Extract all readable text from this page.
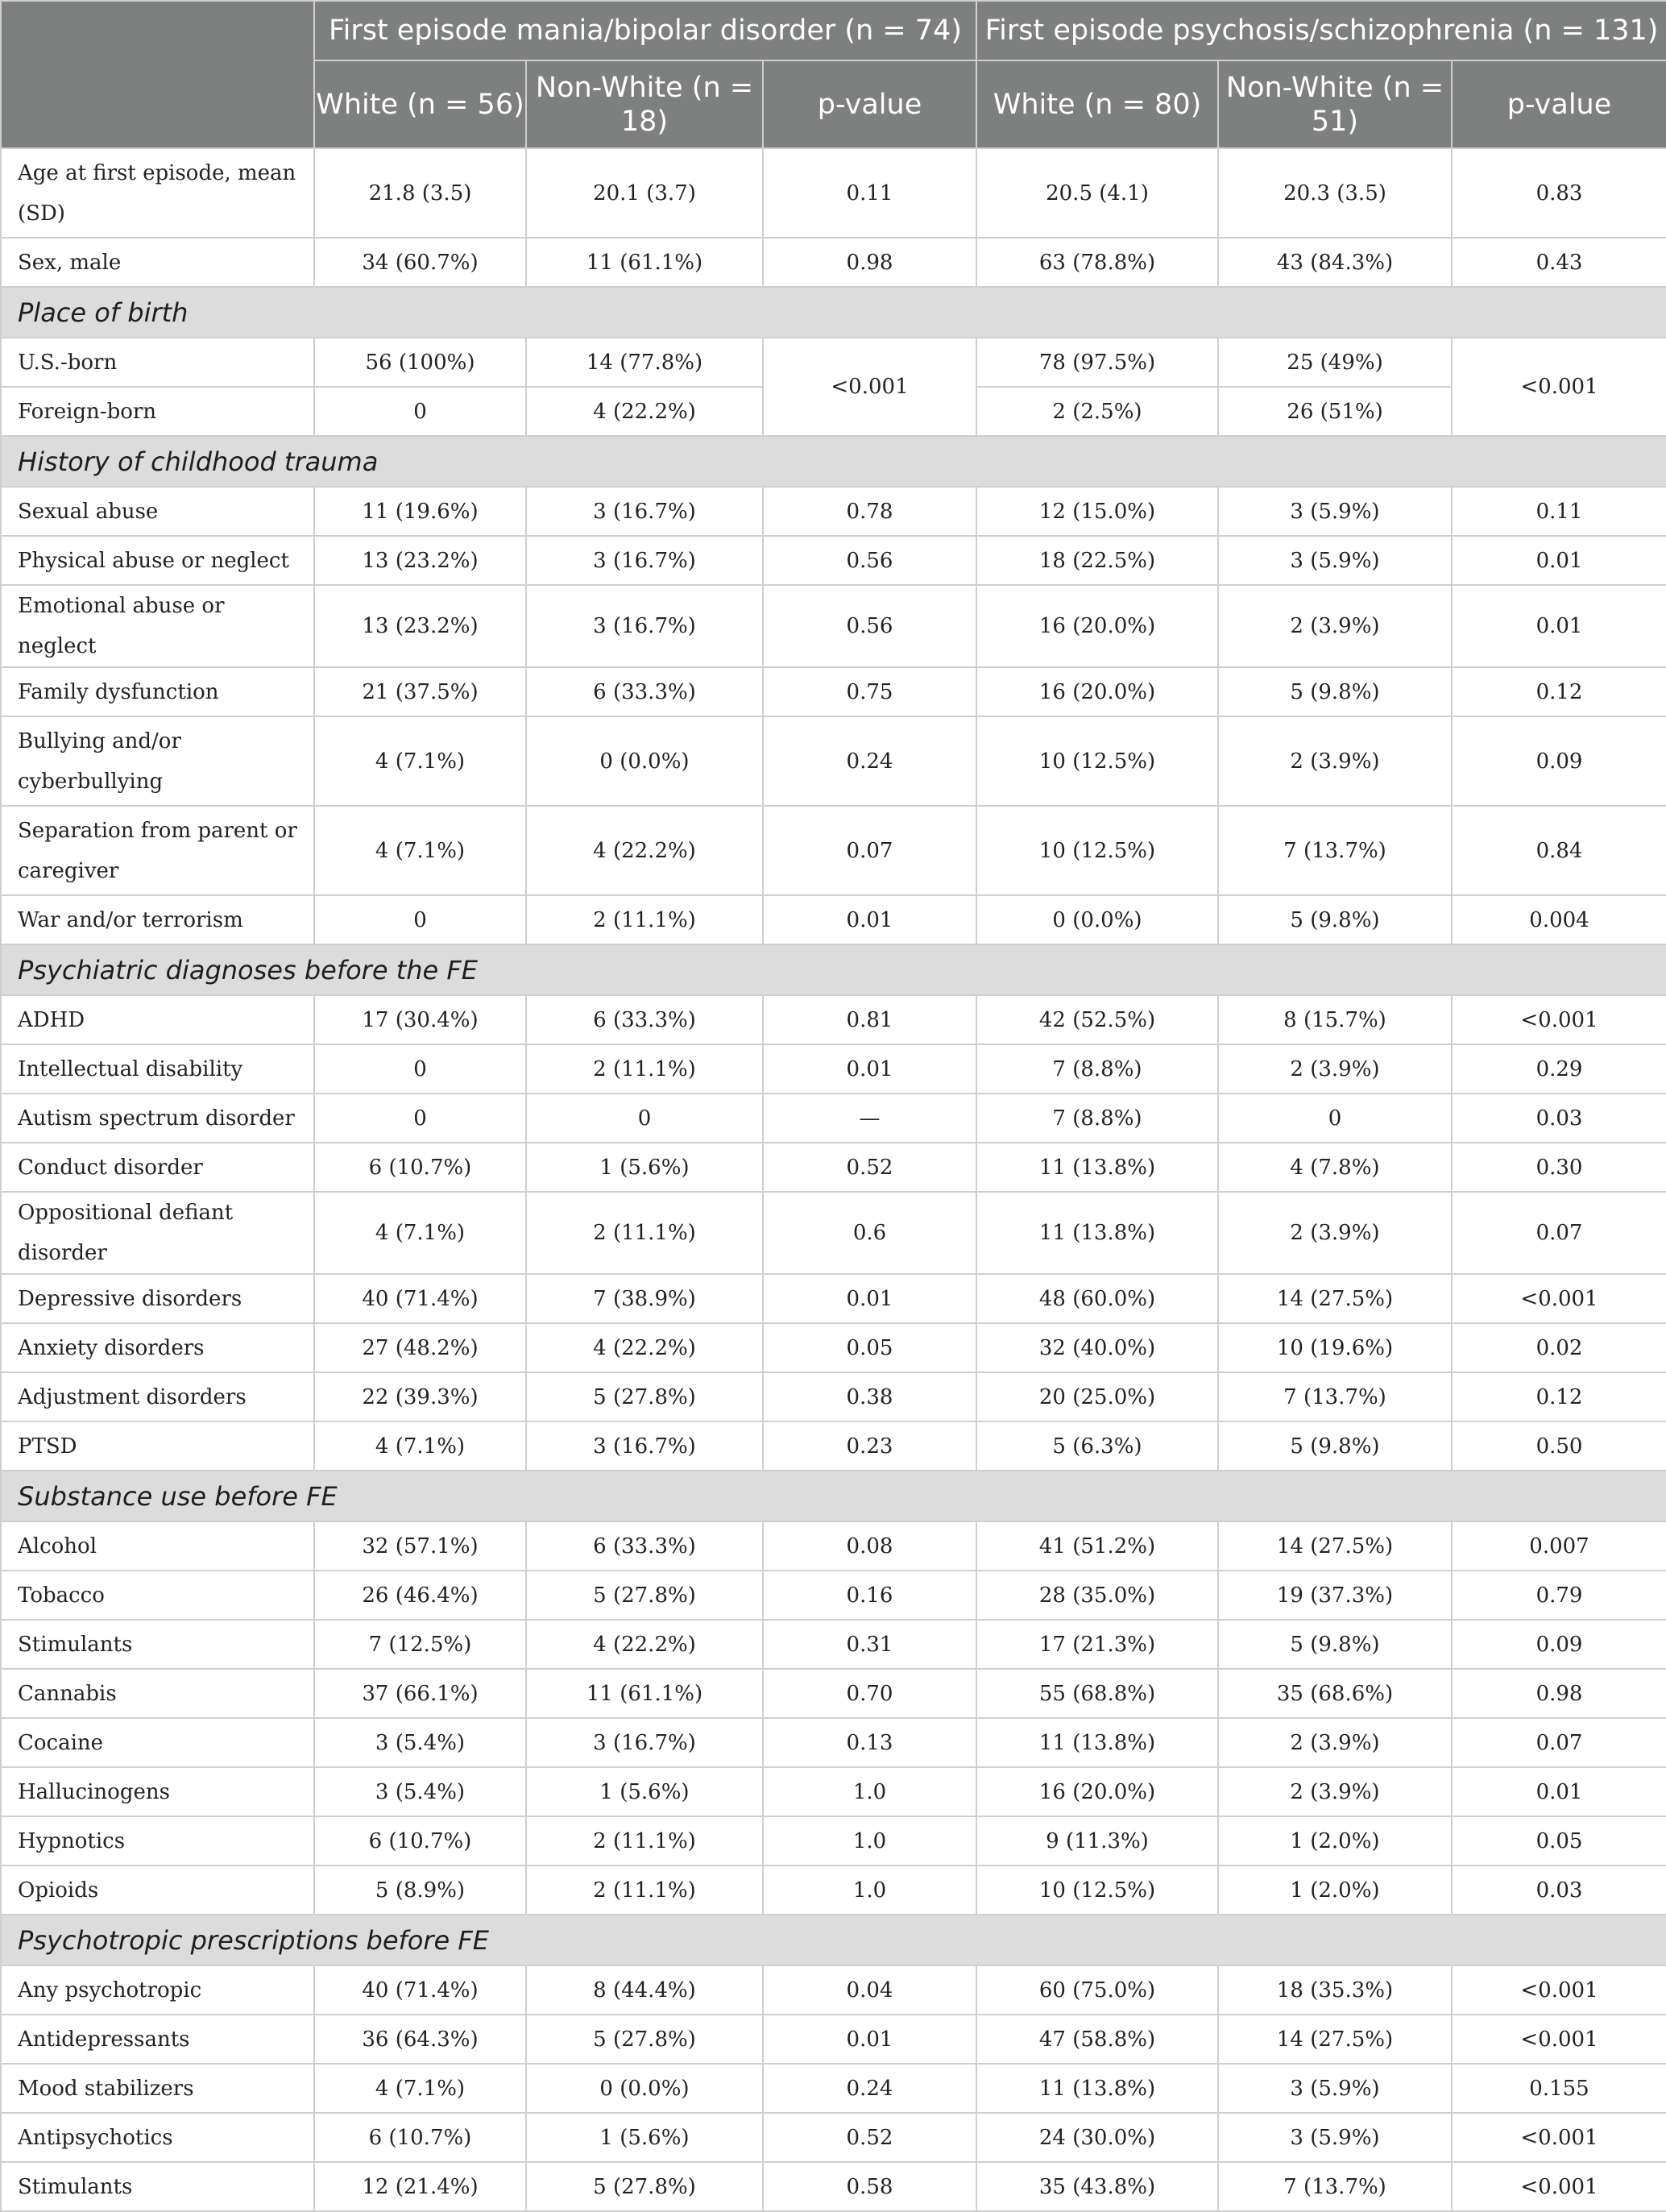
	First episode mania/bipolar disorder (n = 74)			First episode psychosis/schizophrenia (n = 131)		
	White (n = 56)	Non-White (n = 18)	p-value	White (n = 80)	Non-White (n = 51)	p-value
Age at first episode, mean (SD)	21.8 (3.5)	20.1 (3.7)	0.11	20.5 (4.1)	20.3 (3.5)	0.83
Sex, male	34 (60.7%)	11 (61.1%)	0.98	63 (78.8%)	43 (84.3%)	0.43
Place of birth						
U.S.-born	56 (100%)	14 (77.8%)	<0.001	78 (97.5%)	25 (49%)	<0.001
Foreign-born	0	4 (22.2%)		2 (2.5%)	26 (51%)	
History of childhood trauma						
Sexual abuse	11 (19.6%)	3 (16.7%)	0.78	12 (15.0%)	3 (5.9%)	0.11
Physical abuse or neglect	13 (23.2%)	3 (16.7%)	0.56	18 (22.5%)	3 (5.9%)	0.01
Emotional abuse or neglect	13 (23.2%)	3 (16.7%)	0.56	16 (20.0%)	2 (3.9%)	0.01
Family dysfunction	21 (37.5%)	6 (33.3%)	0.75	16 (20.0%)	5 (9.8%)	0.12
Bullying and/or cyberbullying	4 (7.1%)	0 (0.0%)	0.24	10 (12.5%)	2 (3.9%)	0.09
Separation from parent or caregiver	4 (7.1%)	4 (22.2%)	0.07	10 (12.5%)	7 (13.7%)	0.84
War and/or terrorism	0	2 (11.1%)	0.01	0 (0.0%)	5 (9.8%)	0.004
Psychiatric diagnoses before the FE						
ADHD	17 (30.4%)	6 (33.3%)	0.81	42 (52.5%)	8 (15.7%)	<0.001
Intellectual disability	0	2 (11.1%)	0.01	7 (8.8%)	2 (3.9%)	0.29
Autism spectrum disorder	0	0	—	7 (8.8%)	0	0.03
Conduct disorder	6 (10.7%)	1 (5.6%)	0.52	11 (13.8%)	4 (7.8%)	0.30
Oppositional defiant disorder	4 (7.1%)	2 (11.1%)	0.6	11 (13.8%)	2 (3.9%)	0.07
Depressive disorders	40 (71.4%)	7 (38.9%)	0.01	48 (60.0%)	14 (27.5%)	<0.001
Anxiety disorders	27 (48.2%)	4 (22.2%)	0.05	32 (40.0%)	10 (19.6%)	0.02
Adjustment disorders	22 (39.3%)	5 (27.8%)	0.38	20 (25.0%)	7 (13.7%)	0.12
PTSD	4 (7.1%)	3 (16.7%)	0.23	5 (6.3%)	5 (9.8%)	0.50
Substance use before FE						
Alcohol	32 (57.1%)	6 (33.3%)	0.08	41 (51.2%)	14 (27.5%)	0.007
Tobacco	26 (46.4%)	5 (27.8%)	0.16	28 (35.0%)	19 (37.3%)	0.79
Stimulants	7 (12.5%)	4 (22.2%)	0.31	17 (21.3%)	5 (9.8%)	0.09
Cannabis	37 (66.1%)	11 (61.1%)	0.70	55 (68.8%)	35 (68.6%)	0.98
Cocaine	3 (5.4%)	3 (16.7%)	0.13	11 (13.8%)	2 (3.9%)	0.07
Hallucinogens	3 (5.4%)	1 (5.6%)	1.0	16 (20.0%)	2 (3.9%)	0.01
Hypnotics	6 (10.7%)	2 (11.1%)	1.0	9 (11.3%)	1 (2.0%)	0.05
Opioids	5 (8.9%)	2 (11.1%)	1.0	10 (12.5%)	1 (2.0%)	0.03
Psychotropic prescriptions before FE						
Any psychotropic	40 (71.4%)	8 (44.4%)	0.04	60 (75.0%)	18 (35.3%)	<0.001
Antidepressants	36 (64.3%)	5 (27.8%)	0.01	47 (58.8%)	14 (27.5%)	<0.001
Mood stabilizers	4 (7.1%)	0 (0.0%)	0.24	11 (13.8%)	3 (5.9%)	0.155
Antipsychotics	6 (10.7%)	1 (5.6%)	0.52	24 (30.0%)	3 (5.9%)	<0.001
Stimulants	12 (21.4%)	5 (27.8%)	0.58	35 (43.8%)	7 (13.7%)	<0.001
